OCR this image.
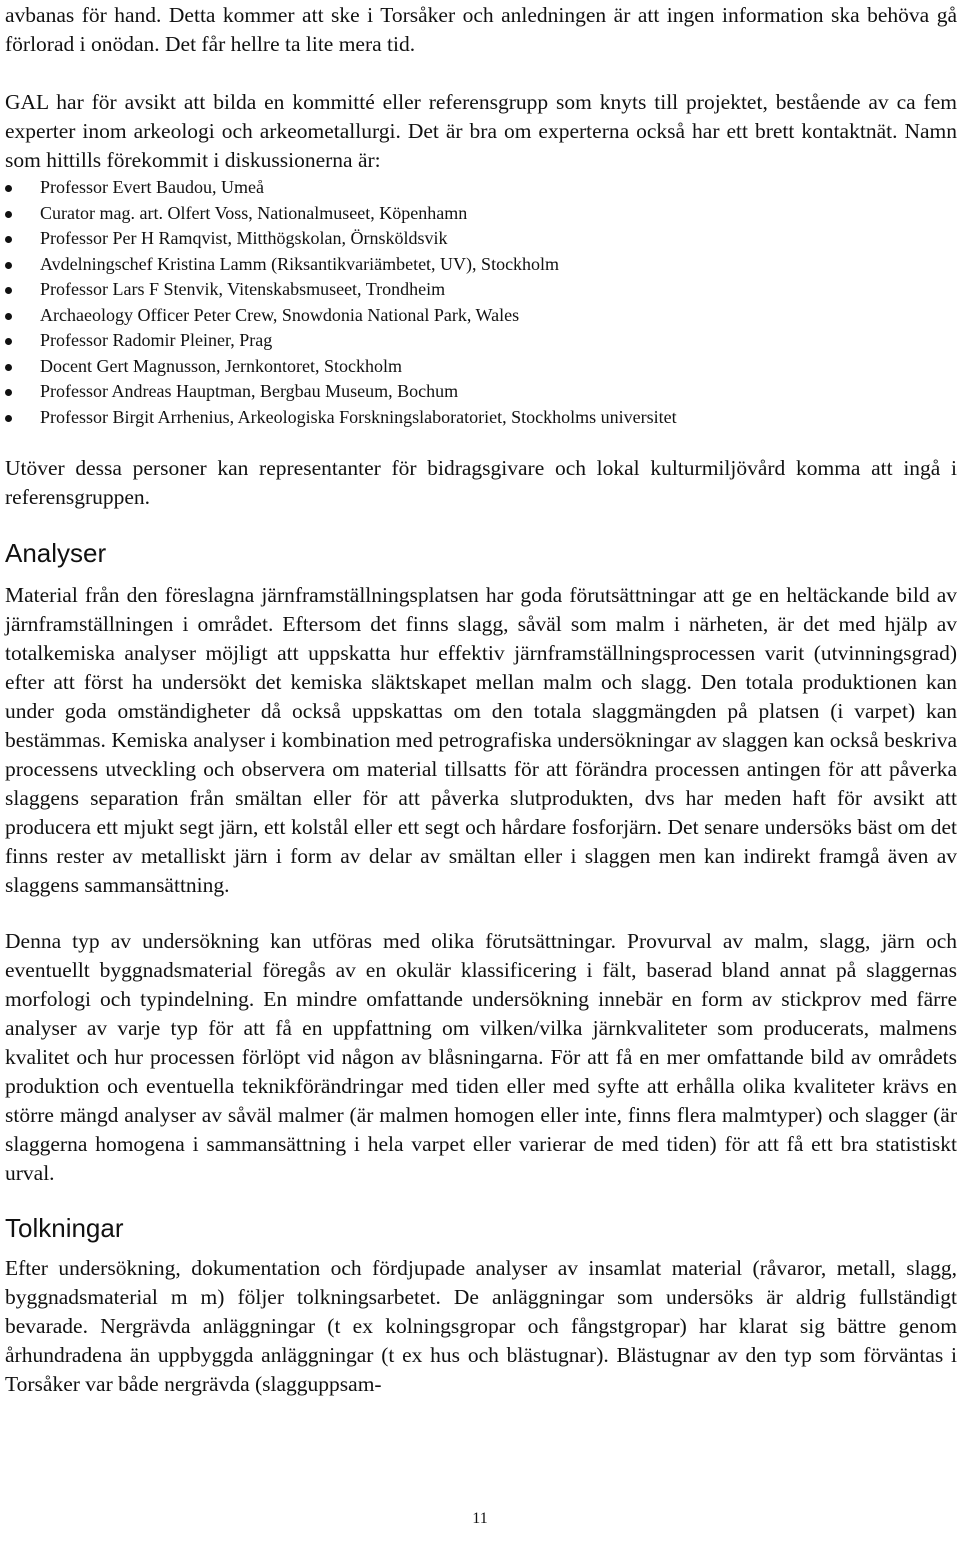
avbanas för hand. Detta kommer att ske i Torsåker och anledningen är att ingen information ska behöva gå förlorad i onödan. Det får hellre ta lite mera tid.

GAL har för avsikt att bilda en kommitté eller referensgrupp som knyts till projektet, bestående av ca fem experter inom arkeologi och arkeometallurgi. Det är bra om experterna också har ett brett kontaktnät. Namn som hittills förekommit i diskussionerna är:

Professor Evert Baudou, Umeå
Curator mag. art. Olfert Voss, Nationalmuseet, Köpenhamn
Professor Per H Ramqvist, Mitthögskolan, Örnsköldsvik
Avdelningschef Kristina Lamm (Riksantikvariämbetet, UV), Stockholm
Professor Lars F Stenvik, Vitenskabsmuseet, Trondheim
Archaeology Officer Peter Crew, Snowdonia National Park, Wales
Professor Radomir Pleiner, Prag
Docent Gert Magnusson, Jernkontoret, Stockholm
Professor Andreas Hauptman, Bergbau Museum, Bochum
Professor Birgit Arrhenius, Arkeologiska Forskningslaboratoriet, Stockholms universitet

Utöver dessa personer kan representanter för bidragsgivare och lokal kulturmiljövård komma att ingå i referensgruppen.

Analyser

Material från den föreslagna järnframställningsplatsen har goda förutsättningar att ge en heltäckande bild av järnframställningen i området. Eftersom det finns slagg, såväl som malm i närheten, är det med hjälp av totalkemiska analyser möjligt att uppskatta hur effektiv järnframställningsprocessen varit (utvinningsgrad) efter att först ha undersökt det kemiska släktskapet mellan malm och slagg. Den totala produktionen kan under goda omständigheter då också uppskattas om den totala slaggmängden på platsen (i varpet) kan bestämmas. Kemiska analyser i kombination med petrografiska undersökningar av slaggen kan också beskriva processens utveckling och observera om material tillsatts för att förändra processen antingen för att påverka slaggens separation från smältan eller för att påverka slutprodukten, dvs har meden haft för avsikt att producera ett mjukt segt järn, ett kolstål eller ett segt och hårdare fosforjärn. Det senare undersöks bäst om det finns rester av metalliskt järn i form av delar av smältan eller i slaggen men kan indirekt framgå även av slaggens sammansättning.

Denna typ av undersökning kan utföras med olika förutsättningar. Provurval av malm, slagg, järn och eventuellt byggnadsmaterial föregås av en okulär klassificering i fält, baserad bland annat på slaggernas morfologi och typindelning. En mindre omfattande undersökning innebär en form av stickprov med färre analyser av varje typ för att få en uppfattning om vilken/vilka järnkvaliteter som producerats, malmens kvalitet och hur processen förlöpt vid någon av blåsningarna. För att få en mer omfattande bild av områdets produktion och eventuella teknikförändringar med tiden eller med syfte att erhålla olika kvaliteter krävs en större mängd analyser av såväl malmer (är malmen homogen eller inte, finns flera malmtyper) och slagger (är slaggerna homogena i sammansättning i hela varpet eller varierar de med tiden) för att få ett bra statistiskt urval.

Tolkningar

Efter undersökning, dokumentation och fördjupade analyser av insamlat material (råvaror, metall, slagg, byggnadsmaterial m m) följer tolkningsarbetet. De anläggningar som undersöks är aldrig fullständigt bevarade. Nergrävda anläggningar (t ex kolningsgropar och fångstgropar) har klarat sig bättre genom århundradena än uppbyggda anläggningar (t ex hus och blästugnar). Blästugnar av den typ som förväntas i Torsåker var både nergrävda (slagguppsam-

11
